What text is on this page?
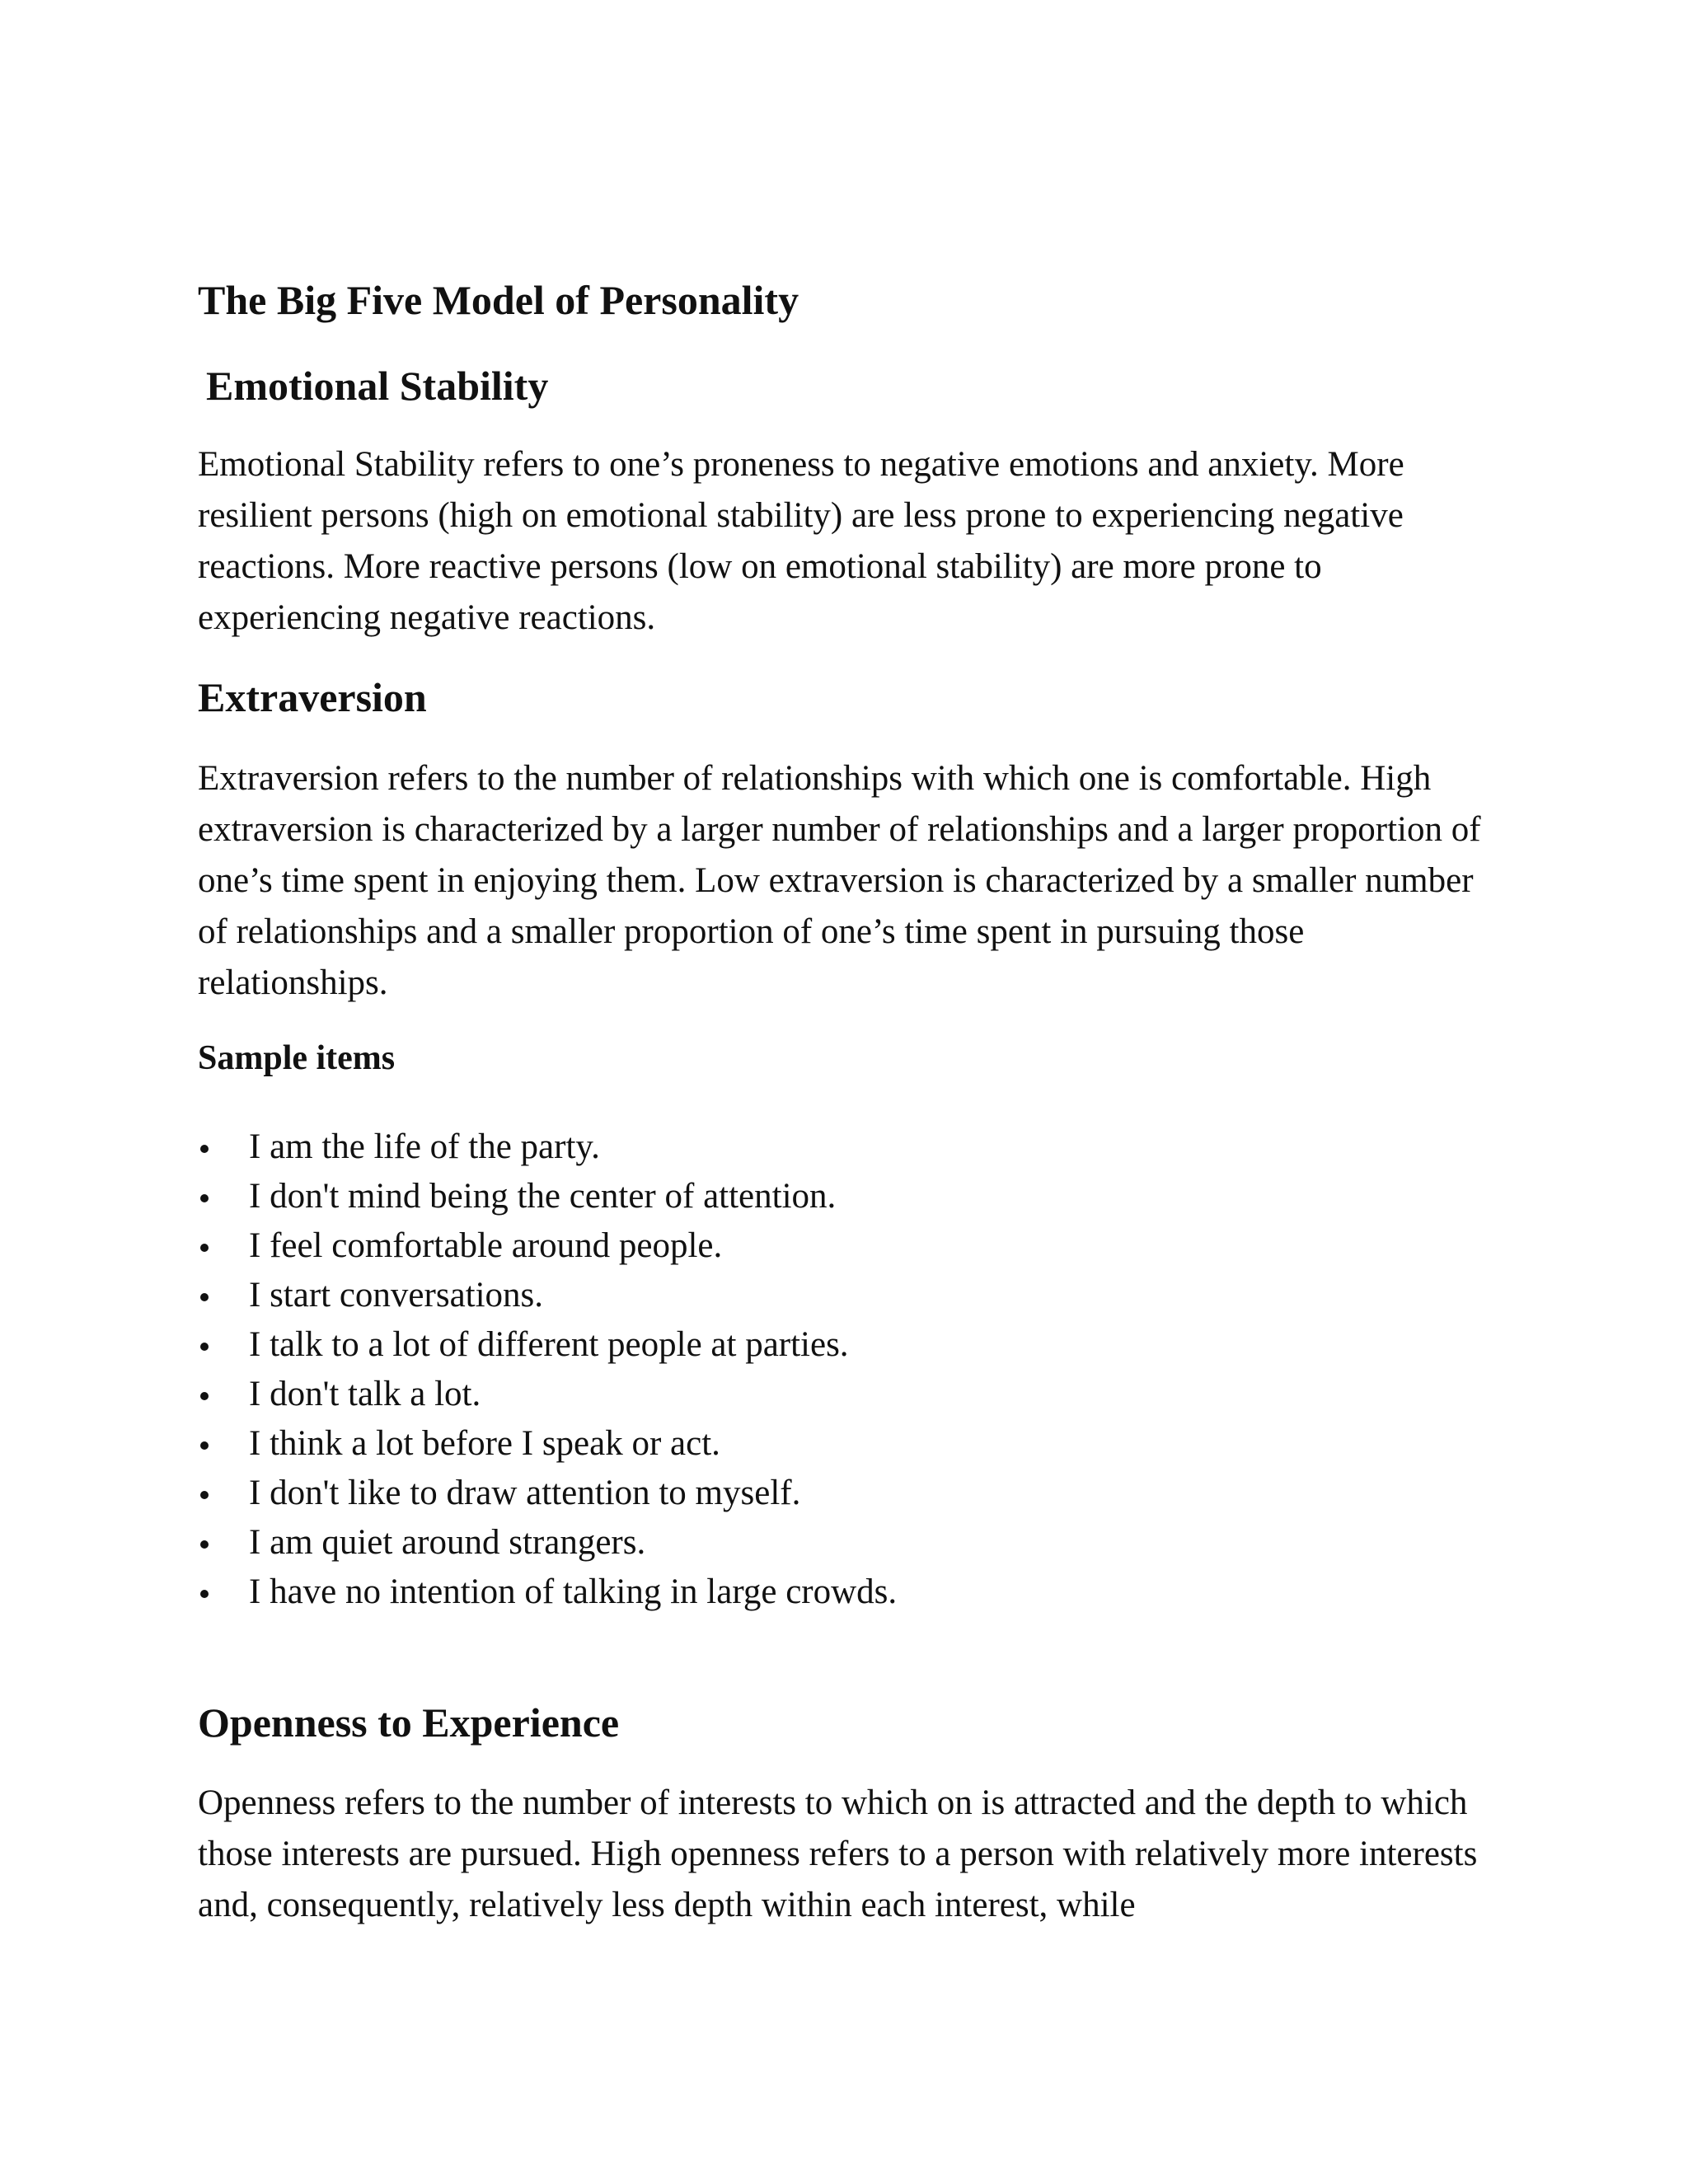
The Big Five Model of Personality
Emotional Stability

Emotional Stability refers to one’s proneness to negative emotions and anxiety. More resilient persons (high on emotional stability) are less prone to experiencing negative reactions. More reactive persons (low on emotional stability) are more prone to experiencing negative reactions.

Extraversion

Extraversion refers to the number of relationships with which one is comfortable. High extraversion is characterized by a larger number of relationships and a larger proportion of one’s time spent in enjoying them. Low extraversion is characterized by a smaller number of relationships and a smaller proportion of one’s time spent in pursuing those relationships.

Sample items
I am the life of the party.
I don't mind being the center of attention.
I feel comfortable around people.
I start conversations.
I talk to a lot of different people at parties.
I don't talk a lot.
I think a lot before I speak or act.
I don't like to draw attention to myself.
I am quiet around strangers.
I have no intention of talking in large crowds.
Openness to Experience

Openness refers to the number of interests to which on is attracted and the depth to which those interests are pursued. High openness refers to a person with relatively more interests and, consequently, relatively less depth within each interest, while
